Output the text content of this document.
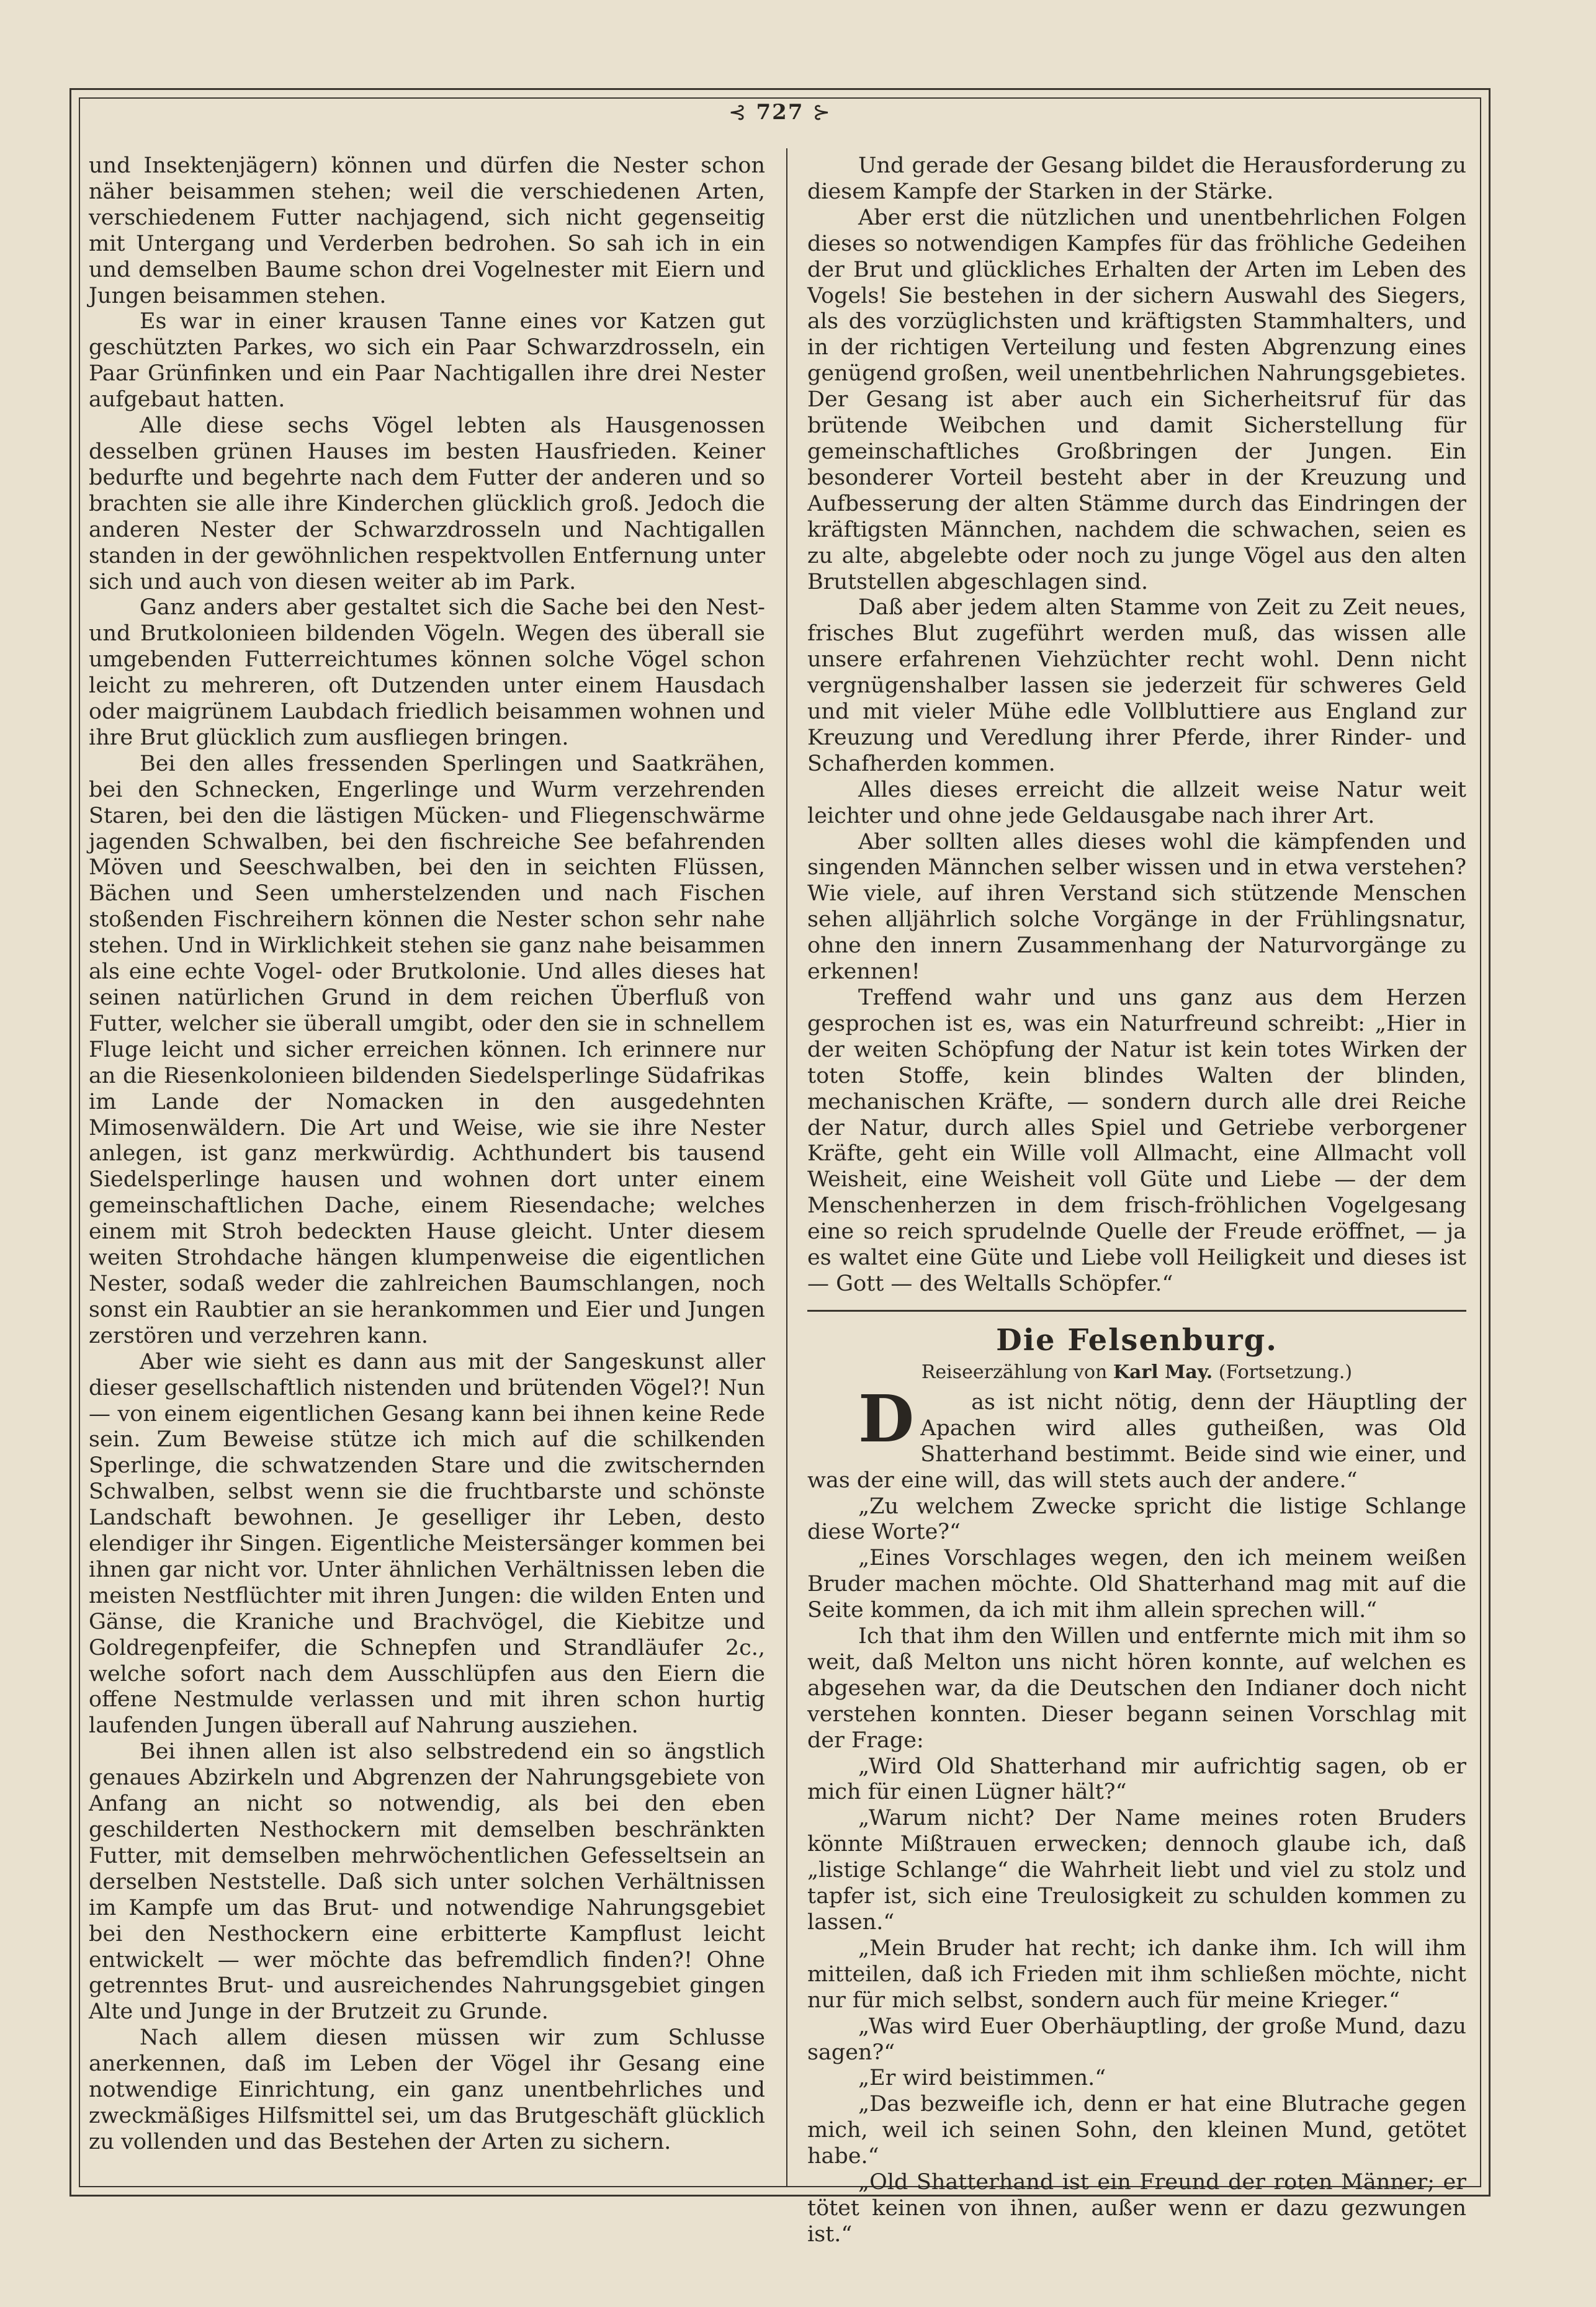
⊰ 727 ⊱

und Insektenjägern) können und dürfen die Nester schon näher beisammen stehen; weil die verschiedenen Arten, verschiedenem Futter nachjagend, sich nicht gegenseitig mit Untergang und Verderben bedrohen. So sah ich in ein und demselben Baume schon drei Vogelnester mit Eiern und Jungen beisammen stehen.

Es war in einer krausen Tanne eines vor Katzen gut geschützten Parkes, wo sich ein Paar Schwarzdrosseln, ein Paar Grünfinken und ein Paar Nachtigallen ihre drei Nester aufgebaut hatten.

Alle diese sechs Vögel lebten als Hausgenossen desselben grünen Hauses im besten Hausfrieden. Keiner bedurfte und begehrte nach dem Futter der anderen und so brachten sie alle ihre Kinderchen glücklich groß. Jedoch die anderen Nester der Schwarzdrosseln und Nachtigallen standen in der gewöhnlichen respektvollen Entfernung unter sich und auch von diesen weiter ab im Park.

Ganz anders aber gestaltet sich die Sache bei den Nest- und Brutkolonieen bildenden Vögeln. Wegen des überall sie umgebenden Futterreichtumes können solche Vögel schon leicht zu mehreren, oft Dutzenden unter einem Hausdach oder maigrünem Laubdach friedlich beisammen wohnen und ihre Brut glücklich zum ausfliegen bringen.

Bei den alles fressenden Sperlingen und Saatkrähen, bei den Schnecken, Engerlinge und Wurm verzehrenden Staren, bei den die lästigen Mücken- und Fliegenschwärme jagenden Schwalben, bei den fischreiche See befahrenden Möven und Seeschwalben, bei den in seichten Flüssen, Bächen und Seen umherstelzenden und nach Fischen stoßenden Fischreihern können die Nester schon sehr nahe stehen. Und in Wirklichkeit stehen sie ganz nahe beisammen als eine echte Vogel- oder Brutkolonie. Und alles dieses hat seinen natürlichen Grund in dem reichen Überfluß von Futter, welcher sie überall umgibt, oder den sie in schnellem Fluge leicht und sicher erreichen können. Ich erinnere nur an die Riesenkolonieen bildenden Siedelsperlinge Südafrikas im Lande der Nomacken in den ausgedehnten Mimosenwäldern. Die Art und Weise, wie sie ihre Nester anlegen, ist ganz merkwürdig. Achthundert bis tausend Siedelsperlinge hausen und wohnen dort unter einem gemeinschaftlichen Dache, einem Riesendache; welches einem mit Stroh bedeckten Hause gleicht. Unter diesem weiten Strohdache hängen klumpenweise die eigentlichen Nester, sodaß weder die zahlreichen Baumschlangen, noch sonst ein Raubtier an sie herankommen und Eier und Jungen zerstören und verzehren kann.

Aber wie sieht es dann aus mit der Sangeskunst aller dieser gesellschaftlich nistenden und brütenden Vögel?! Nun — von einem eigentlichen Gesang kann bei ihnen keine Rede sein. Zum Beweise stütze ich mich auf die schilkenden Sperlinge, die schwatzenden Stare und die zwitschernden Schwalben, selbst wenn sie die fruchtbarste und schönste Landschaft bewohnen. Je geselliger ihr Leben, desto elendiger ihr Singen. Eigentliche Meistersänger kommen bei ihnen gar nicht vor. Unter ähnlichen Verhältnissen leben die meisten Nestflüchter mit ihren Jungen: die wilden Enten und Gänse, die Kraniche und Brachvögel, die Kiebitze und Goldregenpfeifer, die Schnepfen und Strandläufer 2c., welche sofort nach dem Ausschlüpfen aus den Eiern die offene Nestmulde verlassen und mit ihren schon hurtig laufenden Jungen überall auf Nahrung ausziehen.

Bei ihnen allen ist also selbstredend ein so ängstlich genaues Abzirkeln und Abgrenzen der Nahrungsgebiete von Anfang an nicht so notwendig, als bei den eben geschilderten Nesthockern mit demselben beschränkten Futter, mit demselben mehrwöchentlichen Gefesseltsein an derselben Neststelle. Daß sich unter solchen Verhältnissen im Kampfe um das Brut- und notwendige Nahrungsgebiet bei den Nesthockern eine erbitterte Kampflust leicht entwickelt — wer möchte das befremdlich finden?! Ohne getrenntes Brut- und ausreichendes Nahrungsgebiet gingen Alte und Junge in der Brutzeit zu Grunde.

Nach allem diesen müssen wir zum Schlusse anerkennen, daß im Leben der Vögel ihr Gesang eine notwendige Einrichtung, ein ganz unentbehrliches und zweckmäßiges Hilfsmittel sei, um das Brutgeschäft glücklich zu vollenden und das Bestehen der Arten zu sichern.

Und gerade der Gesang bildet die Herausforderung zu diesem Kampfe der Starken in der Stärke.

Aber erst die nützlichen und unentbehrlichen Folgen dieses so notwendigen Kampfes für das fröhliche Gedeihen der Brut und glückliches Erhalten der Arten im Leben des Vogels! Sie bestehen in der sichern Auswahl des Siegers, als des vorzüglichsten und kräftigsten Stammhalters, und in der richtigen Verteilung und festen Abgrenzung eines genügend großen, weil unentbehrlichen Nahrungsgebietes. Der Gesang ist aber auch ein Sicherheitsruf für das brütende Weibchen und damit Sicherstellung für gemeinschaftliches Großbringen der Jungen. Ein besonderer Vorteil besteht aber in der Kreuzung und Aufbesserung der alten Stämme durch das Eindringen der kräftigsten Männchen, nachdem die schwachen, seien es zu alte, abgelebte oder noch zu junge Vögel aus den alten Brutstellen abgeschlagen sind.

Daß aber jedem alten Stamme von Zeit zu Zeit neues, frisches Blut zugeführt werden muß, das wissen alle unsere erfahrenen Viehzüchter recht wohl. Denn nicht vergnügenshalber lassen sie jederzeit für schweres Geld und mit vieler Mühe edle Vollbluttiere aus England zur Kreuzung und Veredlung ihrer Pferde, ihrer Rinder- und Schafherden kommen.

Alles dieses erreicht die allzeit weise Natur weit leichter und ohne jede Geldausgabe nach ihrer Art.

Aber sollten alles dieses wohl die kämpfenden und singenden Männchen selber wissen und in etwa verstehen? Wie viele, auf ihren Verstand sich stützende Menschen sehen alljährlich solche Vorgänge in der Frühlingsnatur, ohne den innern Zusammenhang der Naturvorgänge zu erkennen!

Treffend wahr und uns ganz aus dem Herzen gesprochen ist es, was ein Naturfreund schreibt: „Hier in der weiten Schöpfung der Natur ist kein totes Wirken der toten Stoffe, kein blindes Walten der blinden, mechanischen Kräfte, — sondern durch alle drei Reiche der Natur, durch alles Spiel und Getriebe verborgener Kräfte, geht ein Wille voll Allmacht, eine Allmacht voll Weisheit, eine Weisheit voll Güte und Liebe — der dem Menschenherzen in dem frisch-fröhlichen Vogelgesang eine so reich sprudelnde Quelle der Freude eröffnet, — ja es waltet eine Güte und Liebe voll Heiligkeit und dieses ist — Gott — des Weltalls Schöpfer.“

Die Felsenburg.
Reiseerzählung von Karl May. (Fortsetzung.)

D	as ist nicht nötig, denn der Häuptling der Apachen wird alles gutheißen, was Old Shatterhand bestimmt. Beide sind wie einer, und was der eine will, das will stets auch der andere.“

„Zu welchem Zwecke spricht die listige Schlange diese Worte?“

„Eines Vorschlages wegen, den ich meinem weißen Bruder machen möchte. Old Shatterhand mag mit auf die Seite kommen, da ich mit ihm allein sprechen will.“

Ich that ihm den Willen und entfernte mich mit ihm so weit, daß Melton uns nicht hören konnte, auf welchen es abgesehen war, da die Deutschen den Indianer doch nicht verstehen konnten. Dieser begann seinen Vorschlag mit der Frage:

„Wird Old Shatterhand mir aufrichtig sagen, ob er mich für einen Lügner hält?“

„Warum nicht? Der Name meines roten Bruders könnte Mißtrauen erwecken; dennoch glaube ich, daß „listige Schlange“ die Wahrheit liebt und viel zu stolz und tapfer ist, sich eine Treulosigkeit zu schulden kommen zu lassen.“

„Mein Bruder hat recht; ich danke ihm. Ich will ihm mitteilen, daß ich Frieden mit ihm schließen möchte, nicht nur für mich selbst, sondern auch für meine Krieger.“

„Was wird Euer Oberhäuptling, der große Mund, dazu sagen?“

„Er wird beistimmen.“

„Das bezweifle ich, denn er hat eine Blutrache gegen mich, weil ich seinen Sohn, den kleinen Mund, getötet habe.“

„Old Shatterhand ist ein Freund der roten Männer; er tötet keinen von ihnen, außer wenn er dazu gezwungen ist.“
